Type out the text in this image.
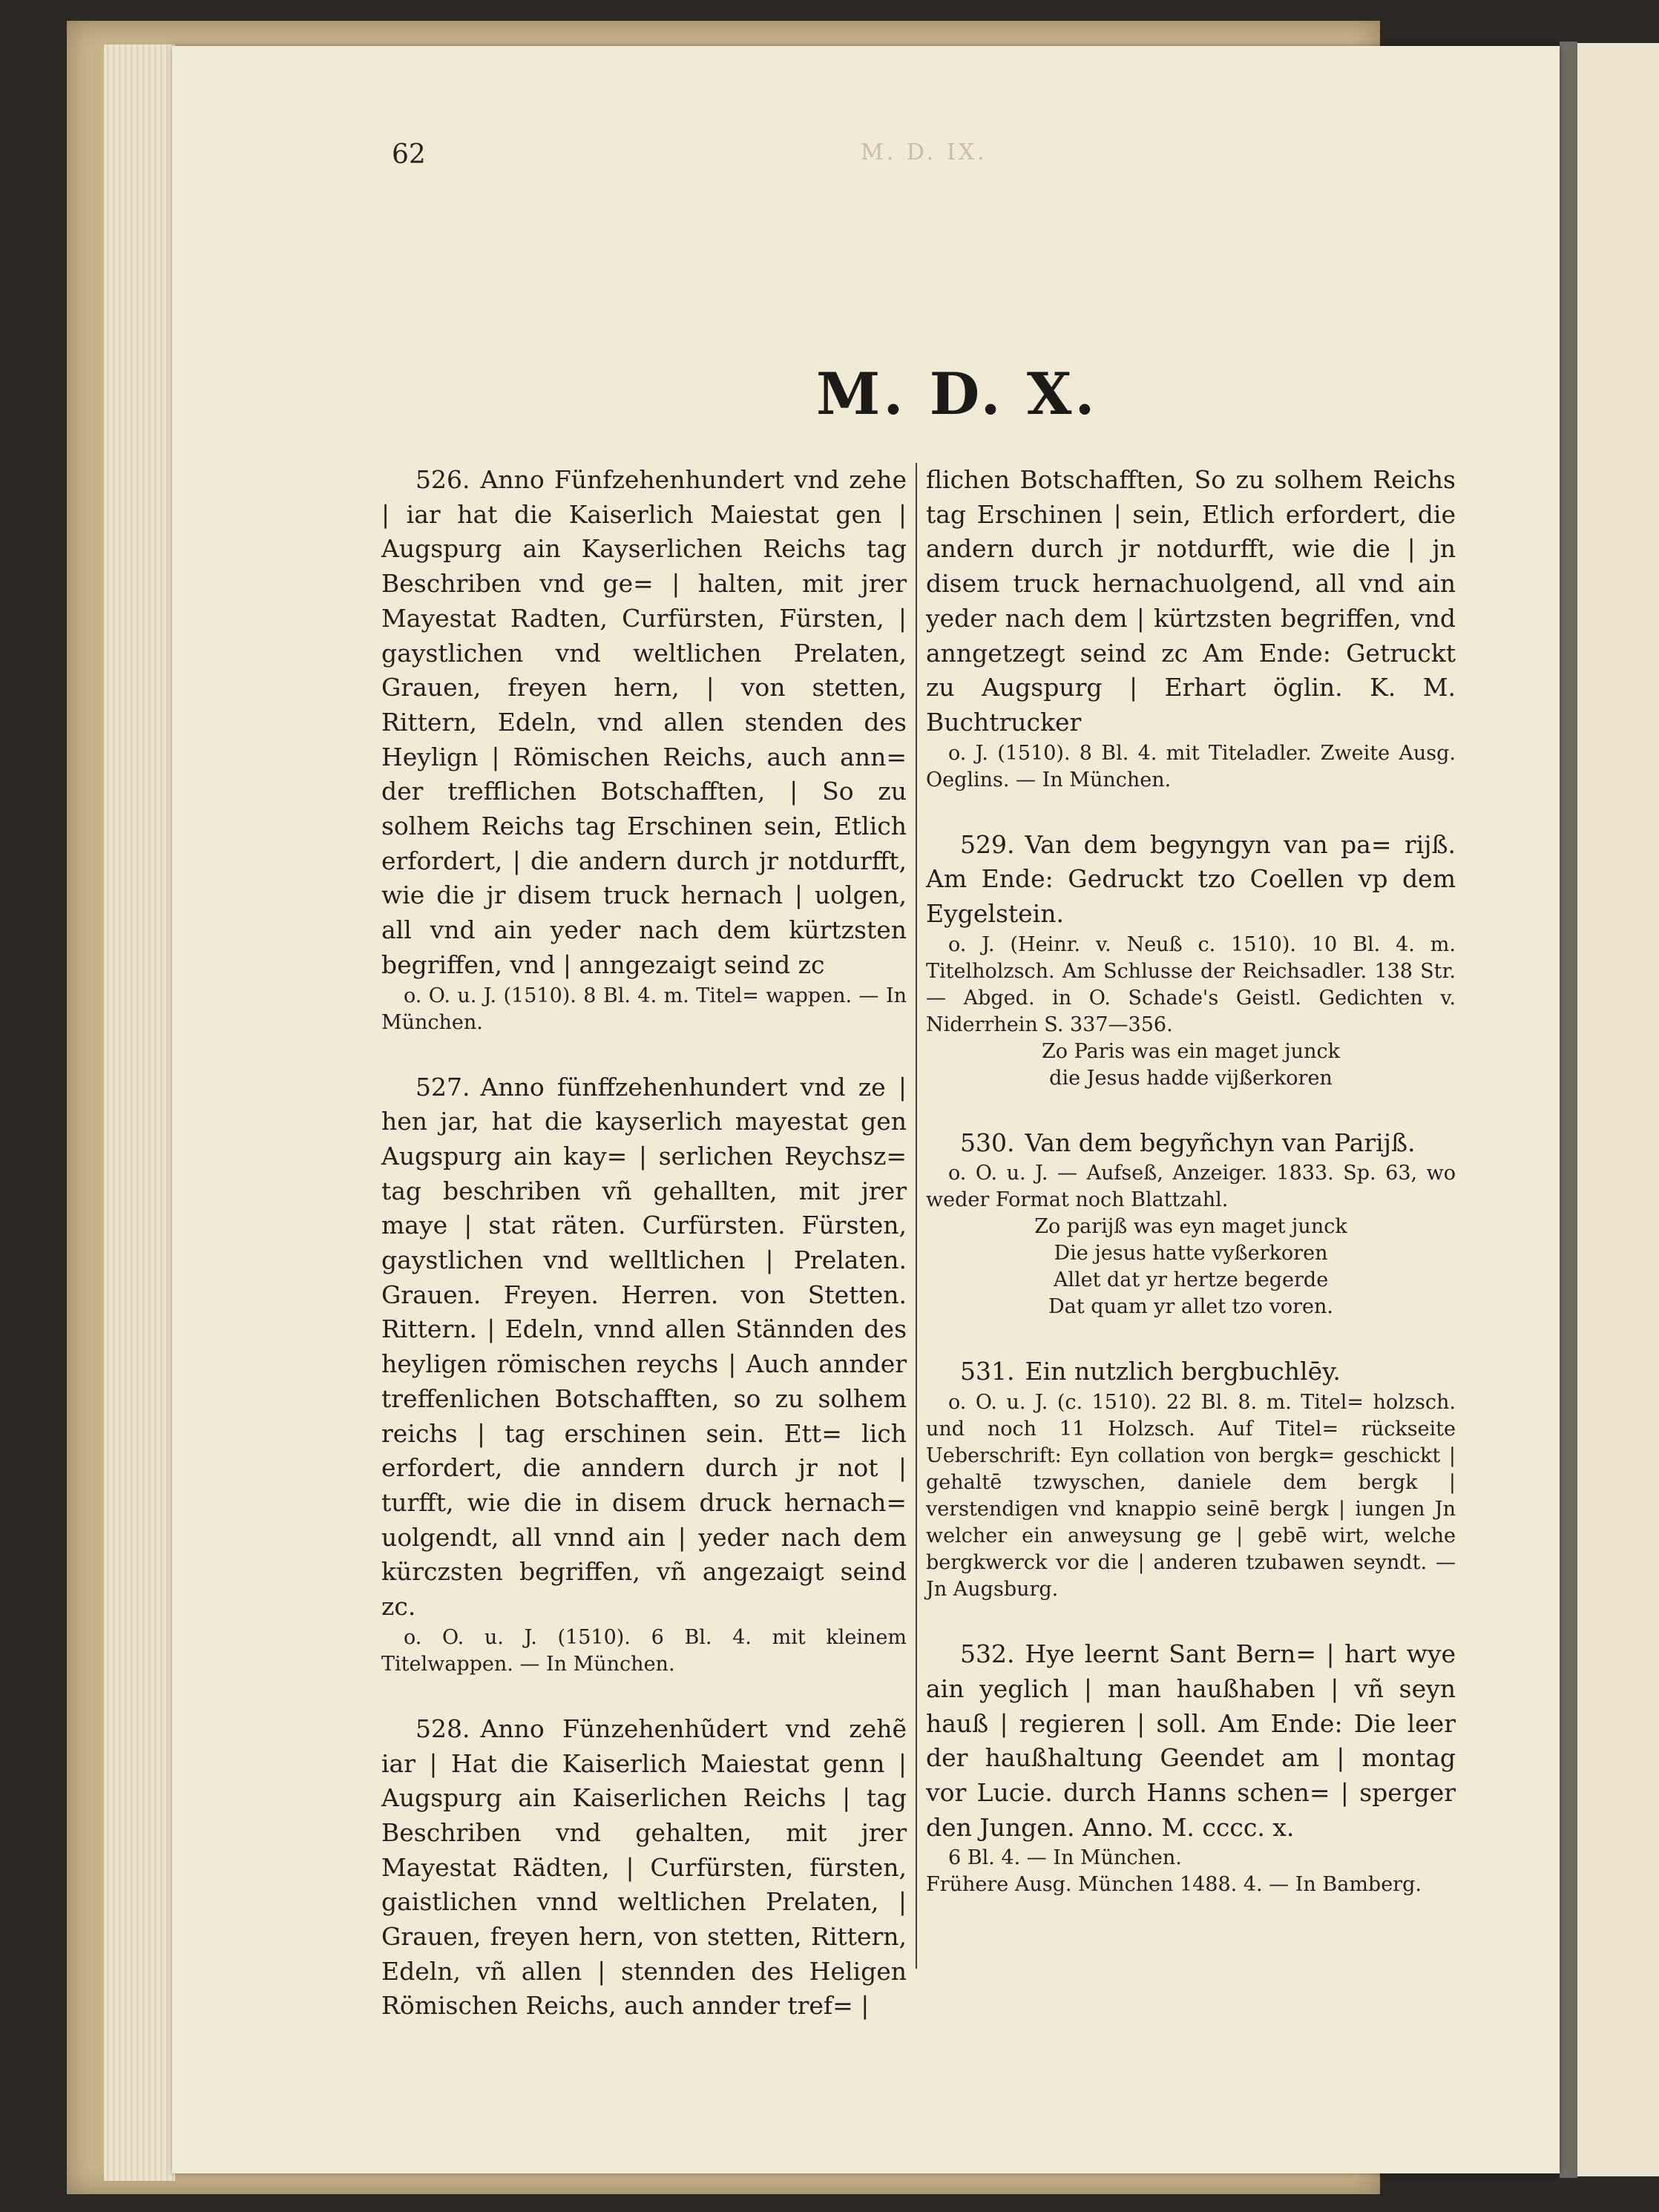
62	M. D. IX.
M. D. X.

526. Anno Fünfzehenhundert vnd zehe | iar hat die Kaiserlich Maiestat gen | Augspurg ain Kayserlichen Reichs tag Beschriben vnd ge= | halten, mit jrer Mayestat Radten, Curfürsten, Fürsten, | gaystlichen vnd weltlichen Prelaten, Grauen, freyen hern, | von stetten, Rittern, Edeln, vnd allen stenden des Heylign | Römischen Reichs, auch ann= der trefflichen Botschafften, | So zu solhem Reichs tag Erschinen sein, Etlich erfordert, | die andern durch jr notdurfft, wie die jr disem truck hernach | uolgen, all vnd ain yeder nach dem kürtzsten begriffen, vnd | anngezaigt seind zc

o. O. u. J. (1510). 8 Bl. 4. m. Titel= wappen. — In München.

527. Anno fünffzehenhundert vnd ze | hen jar, hat die kayserlich mayestat gen Augspurg ain kay= | serlichen Reychsz= tag beschriben vñ gehallten, mit jrer maye | stat räten. Curfürsten. Fürsten, gaystlichen vnd welltlichen | Prelaten. Grauen. Freyen. Herren. von Stetten. Rittern. | Edeln, vnnd allen Stännden des heyligen römischen reychs | Auch annder treffenlichen Botschafften, so zu solhem reichs | tag erschinen sein. Ett= lich erfordert, die anndern durch jr not | turfft, wie die in disem druck hernach= uolgendt, all vnnd ain | yeder nach dem kürczsten begriffen, vñ angezaigt seind zc.

o. O. u. J. (1510). 6 Bl. 4. mit kleinem Titelwappen. — In München.

528. Anno Fünzehenhũdert vnd zehẽ iar | Hat die Kaiserlich Maiestat genn | Augspurg ain Kaiserlichen Reichs | tag Beschriben vnd gehalten, mit jrer Mayestat Rädten, | Curfürsten, fürsten, gaistlichen vnnd weltlichen Prelaten, | Grauen, freyen hern, von stetten, Rittern, Edeln, vñ allen | stennden des Heligen Römischen Reichs, auch annder tref= |

flichen Botschafften, So zu solhem Reichs tag Erschinen | sein, Etlich erfordert, die andern durch jr notdurfft, wie die | jn disem truck hernachuolgend, all vnd ain yeder nach dem | kürtzsten begriffen, vnd anngetzegt seind zc Am Ende: Getruckt zu Augspurg | Erhart öglin. K. M. Buchtrucker

o. J. (1510). 8 Bl. 4. mit Titeladler. Zweite Ausg. Oeglins. — In München.

529. Van dem begyngyn van pa= rijß. Am Ende: Gedruckt tzo Coellen vp dem Eygelstein.

o. J. (Heinr. v. Neuß c. 1510). 10 Bl. 4. m. Titelholzsch. Am Schlusse der Reichsadler. 138 Str. — Abged. in O. Schade's Geistl. Gedichten v. Niderrhein S. 337—356.

Zo Paris was ein maget junck

die Jesus hadde vijßerkoren

530. Van dem begyñchyn van Parijß.

o. O. u. J. — Aufseß, Anzeiger. 1833. Sp. 63, wo weder Format noch Blattzahl.

Zo parijß was eyn maget junck

Die jesus hatte vyßerkoren

Allet dat yr hertze begerde

Dat quam yr allet tzo voren.

531. Ein nutzlich bergbuchlēy.

o. O. u. J. (c. 1510). 22 Bl. 8. m. Titel= holzsch. und noch 11 Holzsch. Auf Titel= rückseite Ueberschrift: Eyn collation von bergk= geschickt | gehaltē tzwyschen, daniele dem bergk | verstendigen vnd knappio seinē bergk | iungen Jn welcher ein anweysung ge | gebē wirt, welche bergkwerck vor die | anderen tzubawen seyndt. — Jn Augsburg.

532. Hye leernt Sant Bern= | hart wye ain yeglich | man haußhaben | vñ seyn hauß | regieren | soll. Am Ende: Die leer der haußhaltung Geendet am | montag vor Lucie. durch Hanns schen= | sperger den Jungen. Anno. M. cccc. x.

6 Bl. 4. — In München.

Frühere Ausg. München 1488. 4. — In Bamberg.
